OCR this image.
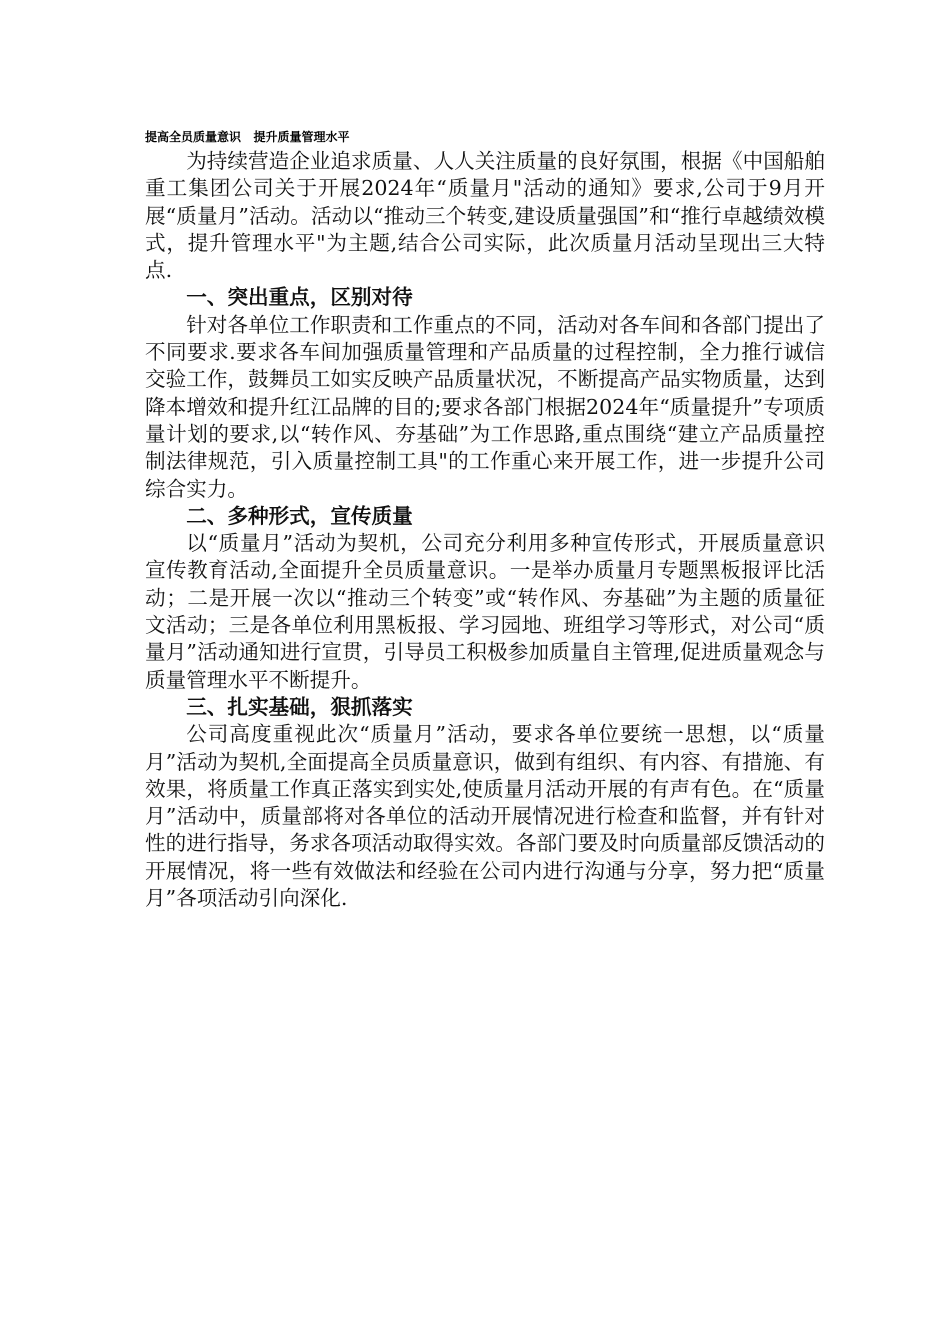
提高全员质量意识   提升质量管理水平

为持续营造企业追求质量、人人关注质量的良好氛围，根据《中国船舶重工集团公司关于开展2024年“质量月"活动的通知》要求,公司于9月开展“质量月”活动。活动以“推动三个转变,建设质量强国”和“推行卓越绩效模式，提升管理水平"为主题,结合公司实际，此次质量月活动呈现出三大特点.

一、突出重点，区别对待

针对各单位工作职责和工作重点的不同，活动对各车间和各部门提出了不同要求.要求各车间加强质量管理和产品质量的过程控制，全力推行诚信交验工作，鼓舞员工如实反映产品质量状况，不断提高产品实物质量，达到降本增效和提升红江品牌的目的;要求各部门根据2024年“质量提升”专项质量计划的要求,以“转作风、夯基础”为工作思路,重点围绕“建立产品质量控制法律规范，引入质量控制工具"的工作重心来开展工作，进一步提升公司综合实力。

二、多种形式，宣传质量

以“质量月”活动为契机，公司充分利用多种宣传形式，开展质量意识宣传教育活动,全面提升全员质量意识。一是举办质量月专题黑板报评比活动；二是开展一次以“推动三个转变”或“转作风、夯基础”为主题的质量征文活动；三是各单位利用黑板报、学习园地、班组学习等形式，对公司“质量月”活动通知进行宣贯，引导员工积极参加质量自主管理,促进质量观念与质量管理水平不断提升。

三、扎实基础，狠抓落实

公司高度重视此次“质量月”活动，要求各单位要统一思想，以“质量月”活动为契机,全面提高全员质量意识，做到有组织、有内容、有措施、有效果，将质量工作真正落实到实处,使质量月活动开展的有声有色。在“质量月”活动中，质量部将对各单位的活动开展情况进行检查和监督，并有针对性的进行指导，务求各项活动取得实效。各部门要及时向质量部反馈活动的开展情况，将一些有效做法和经验在公司内进行沟通与分享，努力把“质量月”各项活动引向深化.
